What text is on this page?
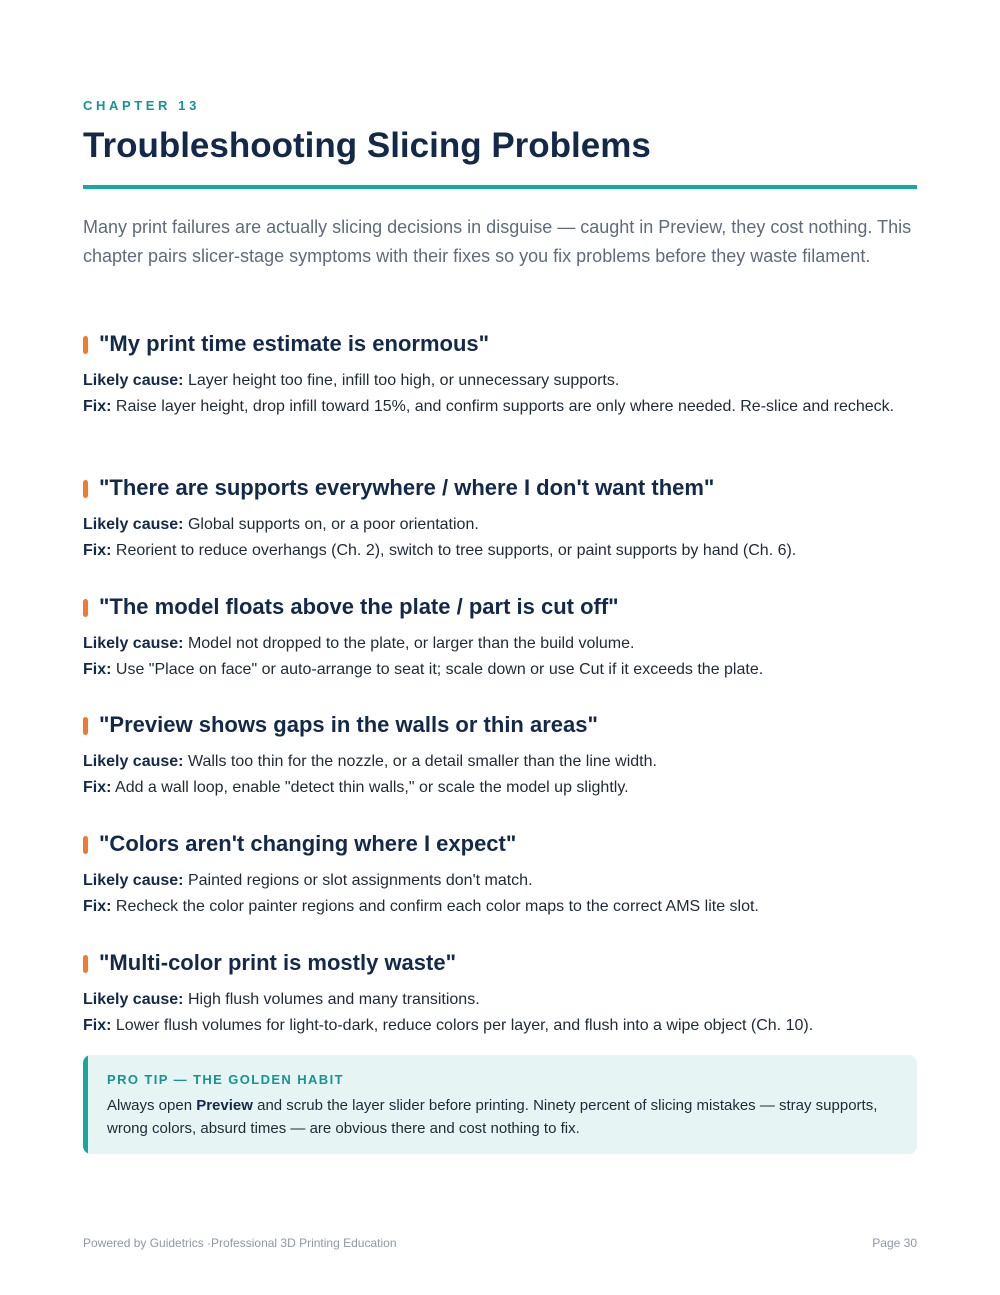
CHAPTER 13
Troubleshooting Slicing Problems

Many print failures are actually slicing decisions in disguise — caught in Preview, they cost nothing. This chapter pairs slicer-stage symptoms with their fixes so you fix problems before they waste filament.

"My print time estimate is enormous"

Likely cause: Layer height too fine, infill too high, or unnecessary supports.

Fix: Raise layer height, drop infill toward 15%, and confirm supports are only where needed. Re-slice and recheck.

"There are supports everywhere / where I don't want them"

Likely cause: Global supports on, or a poor orientation.

Fix: Reorient to reduce overhangs (Ch. 2), switch to tree supports, or paint supports by hand (Ch. 6).

"The model floats above the plate / part is cut off"

Likely cause: Model not dropped to the plate, or larger than the build volume.

Fix: Use "Place on face" or auto-arrange to seat it; scale down or use Cut if it exceeds the plate.

"Preview shows gaps in the walls or thin areas"

Likely cause: Walls too thin for the nozzle, or a detail smaller than the line width.

Fix: Add a wall loop, enable "detect thin walls," or scale the model up slightly.

"Colors aren't changing where I expect"

Likely cause: Painted regions or slot assignments don't match.

Fix: Recheck the color painter regions and confirm each color maps to the correct AMS lite slot.

"Multi-color print is mostly waste"

Likely cause: High flush volumes and many transitions.

Fix: Lower flush volumes for light-to-dark, reduce colors per layer, and flush into a wipe object (Ch. 10).

PRO TIP — THE GOLDEN HABIT

Always open Preview and scrub the layer slider before printing. Ninety percent of slicing mistakes — stray supports, wrong colors, absurd times — are obvious there and cost nothing to fix.

Powered by Guidetrics ·Professional 3D Printing Education	Page 30
